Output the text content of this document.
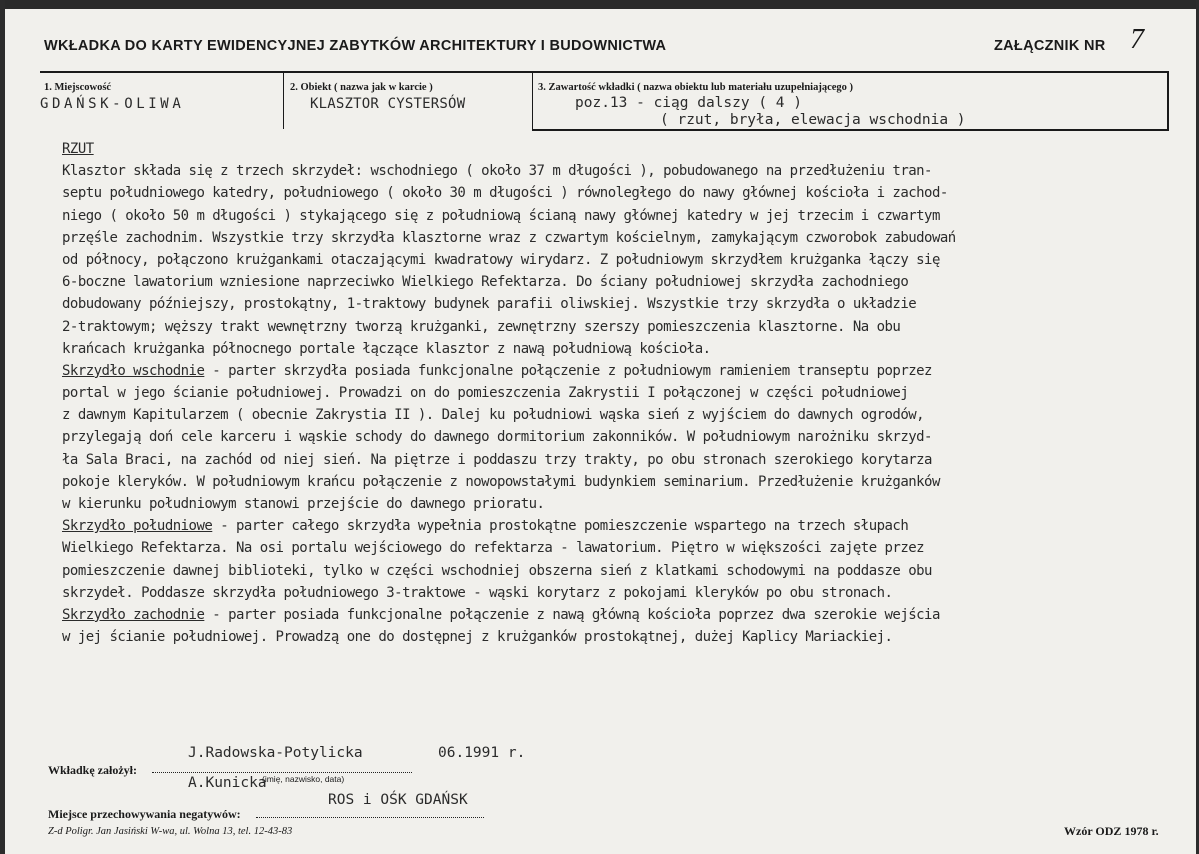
WKŁADKA DO KARTY EWIDENCYJNEJ ZABYTKÓW ARCHITEKTURY I BUDOWNICTWA	ZAŁĄCZNIK NR 7
1. Miejscowość	2. Obiekt ( nazwa jak w karcie )	3. Zawartość wkładki ( nazwa obiektu lub materiału uzupełniającego )
GDAŃSK-OLIWA	KLASZTOR CYSTERSÓW	poz.13 - ciąg dalszy ( 4 )
( rzut, bryła, elewacja wschodnia )
RZUT
Klasztor składa się z trzech skrzydeł: wschodniego ( około 37 m długości ), pobudowanego na przedłużeniu tran-
septu południowego katedry, południowego ( około 30 m długości ) równoległego do nawy głównej kościoła i zachod-
niego ( około 50 m długości ) stykającego się z południową ścianą nawy głównej katedry w jej trzecim i czwartym
przęśle zachodnim. Wszystkie trzy skrzydła klasztorne wraz z czwartym kościelnym, zamykającym czworobok zabudowań
od północy, połączono krużgankami otaczającymi kwadratowy wirydarz. Z południowym skrzydłem krużganka łączy się
6-boczne lawatorium wzniesione naprzeciwko Wielkiego Refektarza. Do ściany południowej skrzydła zachodniego
dobudowany późniejszy, prostokątny, 1-traktowy budynek parafii oliwskiej. Wszystkie trzy skrzydła o układzie
2-traktowym; węższy trakt wewnętrzny tworzą krużganki, zewnętrzny szerszy pomieszczenia klasztorne. Na obu
krańcach krużganka północnego portale łączące klasztor z nawą południową kościoła.
Skrzydło wschodnie - parter skrzydła posiada funkcjonalne połączenie z południowym ramieniem transeptu poprzez
portal w jego ścianie południowej. Prowadzi on do pomieszczenia Zakrystii I połączonej w części południowej
z dawnym Kapitularzem ( obecnie Zakrystia II ). Dalej ku południowi wąska sień z wyjściem do dawnych ogrodów,
przylegają doń cele karceru i wąskie schody do dawnego dormitorium zakonników. W południowym narożniku skrzyd-
ła Sala Braci, na zachód od niej sień. Na piętrze i poddaszu trzy trakty, po obu stronach szerokiego korytarza
pokoje kleryków. W południowym krańcu połączenie z nowopowstałymi budynkiem seminarium. Przedłużenie krużganków
w kierunku południowym stanowi przejście do dawnego prioratu.
Skrzydło południowe - parter całego skrzydła wypełnia prostokątne pomieszczenie wspartego na trzech słupach
Wielkiego Refektarza. Na osi portalu wejściowego do refektarza - lawatorium. Piętro w większości zajęte przez
pomieszczenie dawnej biblioteki, tylko w części wschodniej obszerna sień z klatkami schodowymi na poddasze obu
skrzydeł. Poddasze skrzydła południowego 3-traktowe - wąski korytarz z pokojami kleryków po obu stronach.
Skrzydło zachodnie - parter posiada funkcjonalne połączenie z nawą główną kościoła poprzez dwa szerokie wejścia
w jej ścianie południowej. Prowadzą one do dostępnej z krużganków prostokątnej, dużej Kaplicy Mariackiej.
J.Radowska-Potylicka	06.1991 r.
Wkładkę założył:
A.Kunicka
(imię, nazwisko, data)
ROS i OŚK GDAŃSK
Miejsce przechowywania negatywów:
Z-d Poligr. Jan Jasiński W-wa, ul. Wolna 13, tel. 12-43-83	Wzór ODZ 1978 r.
